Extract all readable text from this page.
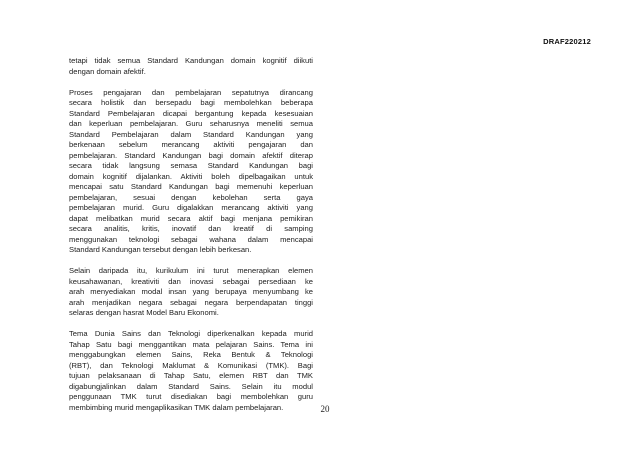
DRAF220212

tetapi tidak semua Standard Kandungan domain kognitif diikuti
dengan domain afektif.

Proses pengajaran dan pembelajaran sepatutnya dirancang
secara holistik dan bersepadu bagi membolehkan beberapa
Standard Pembelajaran dicapai bergantung kepada kesesuaian
dan keperluan pembelajaran. Guru seharusnya meneliti semua
Standard Pembelajaran dalam Standard Kandungan yang
berkenaan sebelum merancang aktiviti pengajaran dan
pembelajaran. Standard Kandungan bagi domain afektif diterap
secara tidak langsung semasa Standard Kandungan bagi
domain kognitif dijalankan. Aktiviti boleh dipelbagaikan untuk
mencapai satu Standard Kandungan bagi memenuhi keperluan
pembelajaran, sesuai dengan kebolehan serta gaya
pembelajaran murid. Guru digalakkan merancang aktiviti yang
dapat melibatkan murid secara aktif bagi menjana pemikiran
secara analitis, kritis, inovatif dan kreatif di samping
menggunakan teknologi sebagai wahana dalam mencapai
Standard Kandungan tersebut dengan lebih berkesan.

Selain daripada itu, kurikulum ini turut menerapkan elemen
keusahawanan, kreativiti dan inovasi sebagai persediaan ke
arah menyediakan modal insan yang berupaya menyumbang ke
arah menjadikan negara sebagai negara berpendapatan tinggi
selaras dengan hasrat Model Baru Ekonomi.

Tema Dunia Sains dan Teknologi diperkenalkan kepada murid
Tahap Satu bagi menggantikan mata pelajaran Sains. Tema ini
menggabungkan elemen Sains, Reka Bentuk & Teknologi
(RBT), dan Teknologi Maklumat & Komunikasi (TMK). Bagi
tujuan pelaksanaan di Tahap Satu, elemen RBT dan TMK
digabungjalinkan dalam Standard Sains. Selain itu modul
penggunaan TMK turut disediakan bagi membolehkan guru
membimbing murid mengaplikasikan TMK dalam pembelajaran.	20
